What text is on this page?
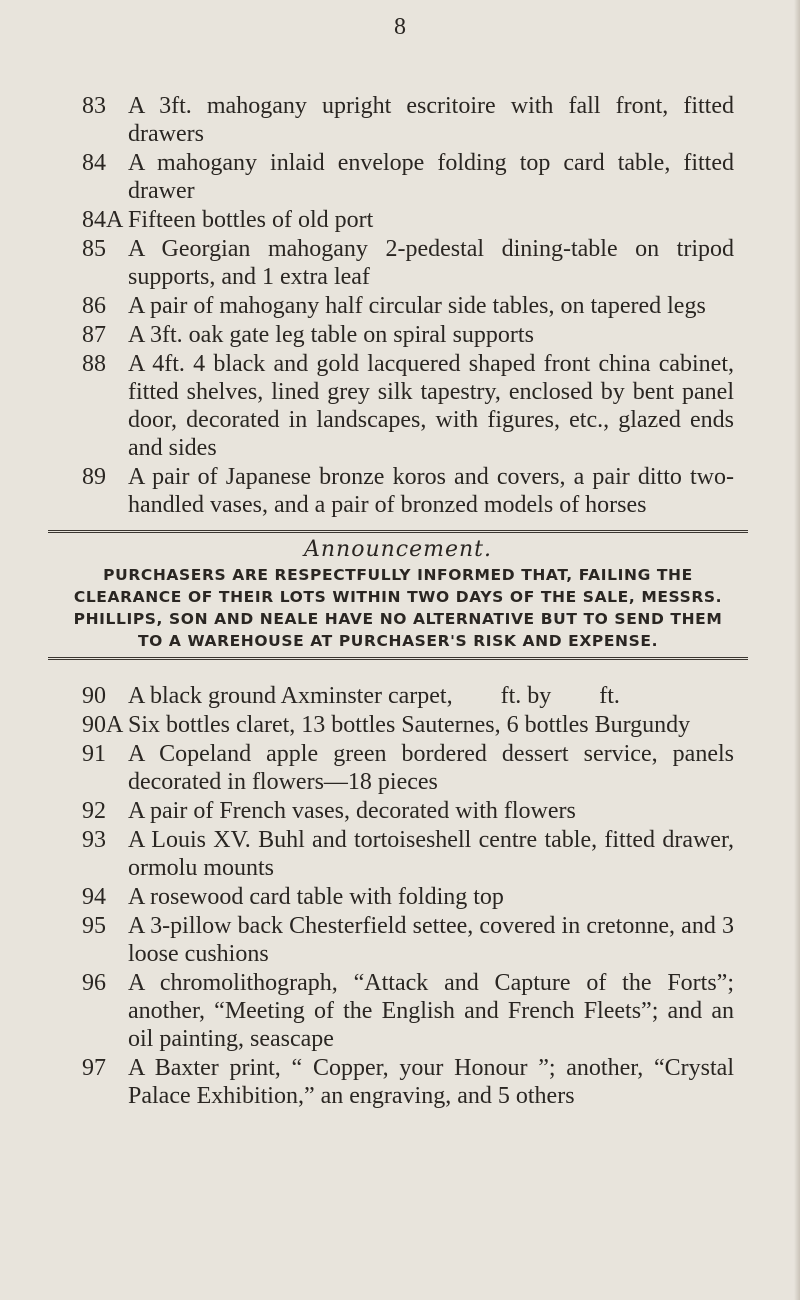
8
83 A 3ft. mahogany upright escritoire with fall front, fitted drawers
84 A mahogany inlaid envelope folding top card table, fitted drawer
84A Fifteen bottles of old port
85 A Georgian mahogany 2-pedestal dining-table on tripod supports, and 1 extra leaf
86 A pair of mahogany half circular side tables, on tapered legs
87 A 3ft. oak gate leg table on spiral supports
88 A 4ft. 4 black and gold lacquered shaped front china cabinet, fitted shelves, lined grey silk tapestry, enclosed by bent panel door, decorated in landscapes, with figures, etc., glazed ends and sides
89 A pair of Japanese bronze koros and covers, a pair ditto two-handled vases, and a pair of bronzed models of horses
Announcement.
PURCHASERS ARE RESPECTFULLY INFORMED THAT, FAILING THE
CLEARANCE OF THEIR LOTS WITHIN TWO DAYS OF THE SALE, MESSRS.
PHILLIPS, SON AND NEALE HAVE NO ALTERNATIVE BUT TO SEND THEM
TO A WAREHOUSE AT PURCHASER'S RISK AND EXPENSE.
90 A black ground Axminster carpet,        ft. by        ft.
90A Six bottles claret, 13 bottles Sauternes, 6 bottles Burgundy
91 A Copeland apple green bordered dessert service, panels decorated in flowers—18 pieces
92 A pair of French vases, decorated with flowers
93 A Louis XV. Buhl and tortoiseshell centre table, fitted drawer, ormolu mounts
94 A rosewood card table with folding top
95 A 3-pillow back Chesterfield settee, covered in cretonne, and 3 loose cushions
96 A chromolithograph, “Attack and Capture of the Forts”; another, “Meeting of the English and French Fleets”; and an oil painting, seascape
97 A Baxter print, “ Copper, your Honour ”; another, “Crystal Palace Exhibition,” an engraving, and 5 others
